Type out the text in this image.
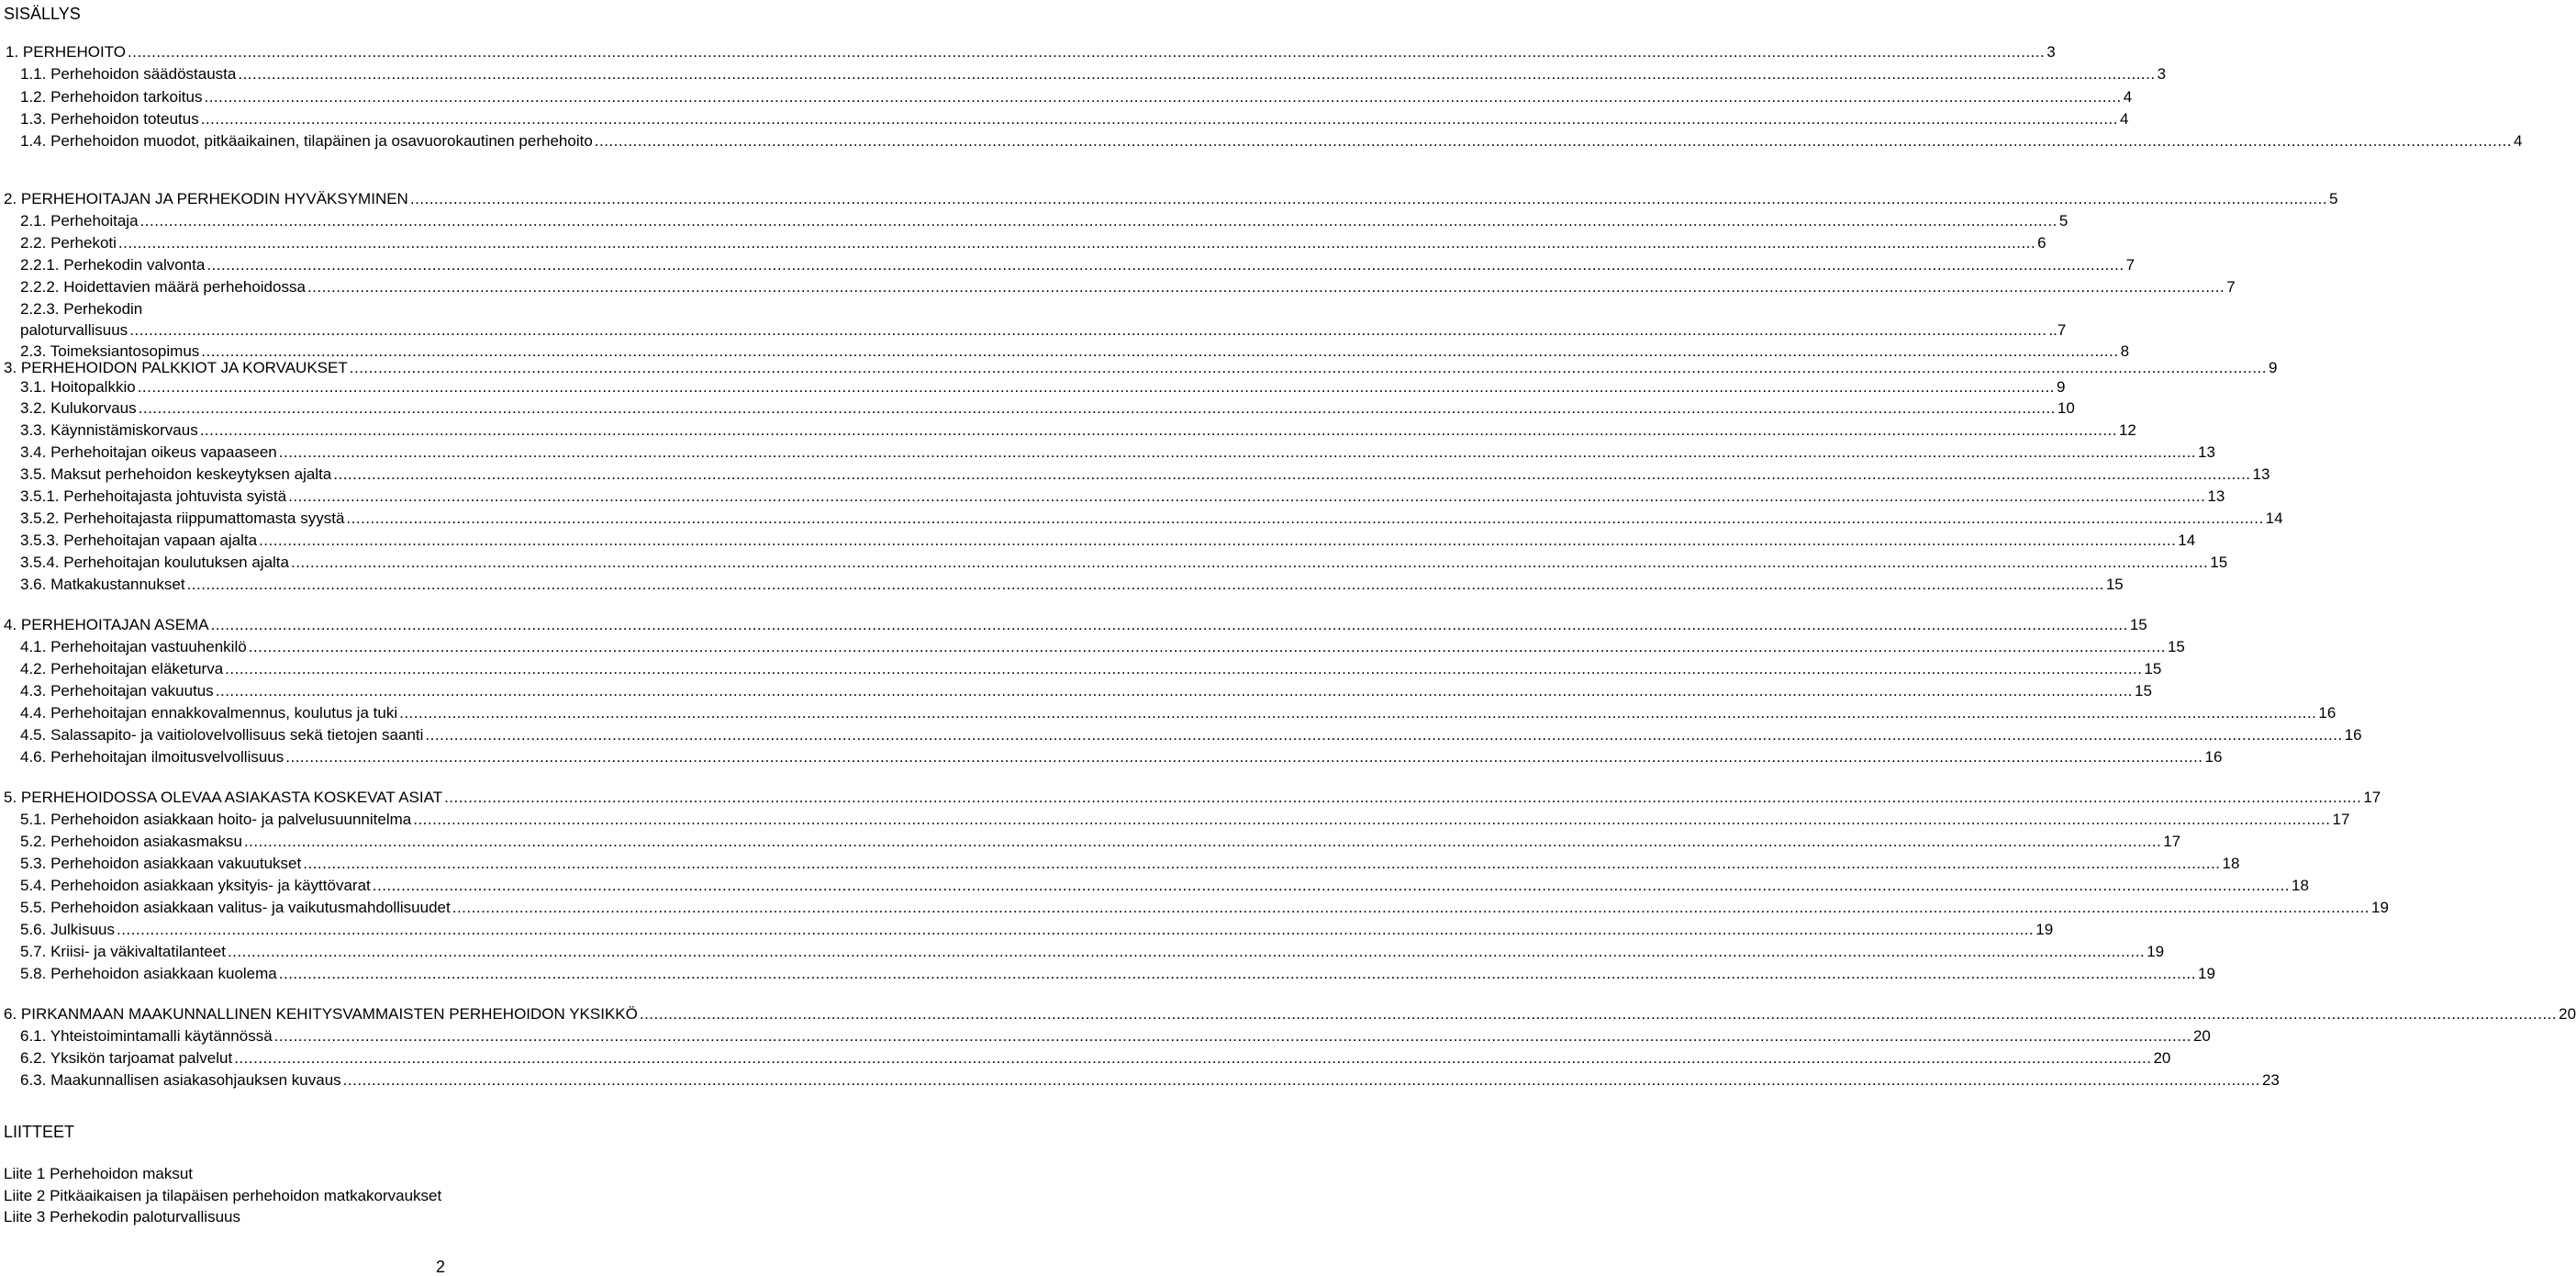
SISÄLLYS
1. PERHEHOITO ................................................................................................................................................................................................................................................................................................................................................................................................................ 3
1.1. Perhehoidon säädöstausta ................................................................................................................................................................................................................................................................................................................................................................................................................ 3
1.2. Perhehoidon tarkoitus ................................................................................................................................................................................................................................................................................................................................................................................................................ 4
1.3. Perhehoidon toteutus ................................................................................................................................................................................................................................................................................................................................................................................................................ 4
1.4. Perhehoidon muodot, pitkäaikainen, tilapäinen ja osavuorokautinen perhehoito ................................................................................................................................................................................................................................................................................................................................................................................................................ 4
2. PERHEHOITAJAN JA PERHEKODIN HYVÄKSYMINEN ................................................................................................................................................................................................................................................................................................................................................................................................................ 5
2.1. Perhehoitaja ................................................................................................................................................................................................................................................................................................................................................................................................................ 5
2.2. Perhekoti ................................................................................................................................................................................................................................................................................................................................................................................................................ 6
2.2.1. Perhekodin valvonta ................................................................................................................................................................................................................................................................................................................................................................................................................ 7
2.2.2. Hoidettavien määrä perhehoidossa ................................................................................................................................................................................................................................................................................................................................................................................................................ 7
2.2.3. Perhekodin
paloturvallisuus ................................................................................................................................................................................................................................................................................................................................................................................................................ ..7
2.3. Toimeksiantosopimus ................................................................................................................................................................................................................................................................................................................................................................................................................ 8
3. PERHEHOIDON PALKKIOT JA KORVAUKSET ................................................................................................................................................................................................................................................................................................................................................................................................................ 9
3.1. Hoitopalkkio ................................................................................................................................................................................................................................................................................................................................................................................................................ 9
3.2. Kulukorvaus ................................................................................................................................................................................................................................................................................................................................................................................................................ 10
3.3. Käynnistämiskorvaus ................................................................................................................................................................................................................................................................................................................................................................................................................ 12
3.4. Perhehoitajan oikeus vapaaseen ................................................................................................................................................................................................................................................................................................................................................................................................................ 13
3.5. Maksut perhehoidon keskeytyksen ajalta ................................................................................................................................................................................................................................................................................................................................................................................................................ 13
3.5.1. Perhehoitajasta johtuvista syistä ................................................................................................................................................................................................................................................................................................................................................................................................................ 13
3.5.2. Perhehoitajasta riippumattomasta syystä ................................................................................................................................................................................................................................................................................................................................................................................................................ 14
3.5.3. Perhehoitajan vapaan ajalta ................................................................................................................................................................................................................................................................................................................................................................................................................ 14
3.5.4. Perhehoitajan koulutuksen ajalta ................................................................................................................................................................................................................................................................................................................................................................................................................ 15
3.6. Matkakustannukset ................................................................................................................................................................................................................................................................................................................................................................................................................ 15
4. PERHEHOITAJAN ASEMA ................................................................................................................................................................................................................................................................................................................................................................................................................ 15
4.1. Perhehoitajan vastuuhenkilö ................................................................................................................................................................................................................................................................................................................................................................................................................ 15
4.2. Perhehoitajan eläketurva ................................................................................................................................................................................................................................................................................................................................................................................................................ 15
4.3. Perhehoitajan vakuutus ................................................................................................................................................................................................................................................................................................................................................................................................................ 15
4.4. Perhehoitajan ennakkovalmennus, koulutus ja tuki ................................................................................................................................................................................................................................................................................................................................................................................................................ 16
4.5. Salassapito- ja vaitiolovelvollisuus sekä tietojen saanti ................................................................................................................................................................................................................................................................................................................................................................................................................ 16
4.6. Perhehoitajan ilmoitusvelvollisuus ................................................................................................................................................................................................................................................................................................................................................................................................................ 16
5. PERHEHOIDOSSA OLEVAA ASIAKASTA KOSKEVAT ASIAT ................................................................................................................................................................................................................................................................................................................................................................................................................ 17
5.1. Perhehoidon asiakkaan hoito- ja palvelusuunnitelma ................................................................................................................................................................................................................................................................................................................................................................................................................ 17
5.2. Perhehoidon asiakasmaksu ................................................................................................................................................................................................................................................................................................................................................................................................................ 17
5.3. Perhehoidon asiakkaan vakuutukset ................................................................................................................................................................................................................................................................................................................................................................................................................ 18
5.4. Perhehoidon asiakkaan yksityis- ja käyttövarat ................................................................................................................................................................................................................................................................................................................................................................................................................ 18
5.5. Perhehoidon asiakkaan valitus- ja vaikutusmahdollisuudet ................................................................................................................................................................................................................................................................................................................................................................................................................ 19
5.6. Julkisuus ................................................................................................................................................................................................................................................................................................................................................................................................................ 19
5.7. Kriisi- ja väkivaltatilanteet ................................................................................................................................................................................................................................................................................................................................................................................................................ 19
5.8. Perhehoidon asiakkaan kuolema ................................................................................................................................................................................................................................................................................................................................................................................................................ 19
6. PIRKANMAAN MAAKUNNALLINEN KEHITYSVAMMAISTEN PERHEHOIDON YKSIKKÖ ................................................................................................................................................................................................................................................................................................................................................................................................................ 20
6.1. Yhteistoimintamalli käytännössä ................................................................................................................................................................................................................................................................................................................................................................................................................ 20
6.2. Yksikön tarjoamat palvelut ................................................................................................................................................................................................................................................................................................................................................................................................................ 20
6.3. Maakunnallisen asiakasohjauksen kuvaus ................................................................................................................................................................................................................................................................................................................................................................................................................ 23
LIITTEET
Liite 1 Perhehoidon maksut
Liite 2 Pitkäaikaisen ja tilapäisen perhehoidon matkakorvaukset
Liite 3 Perhekodin paloturvallisuus
2
